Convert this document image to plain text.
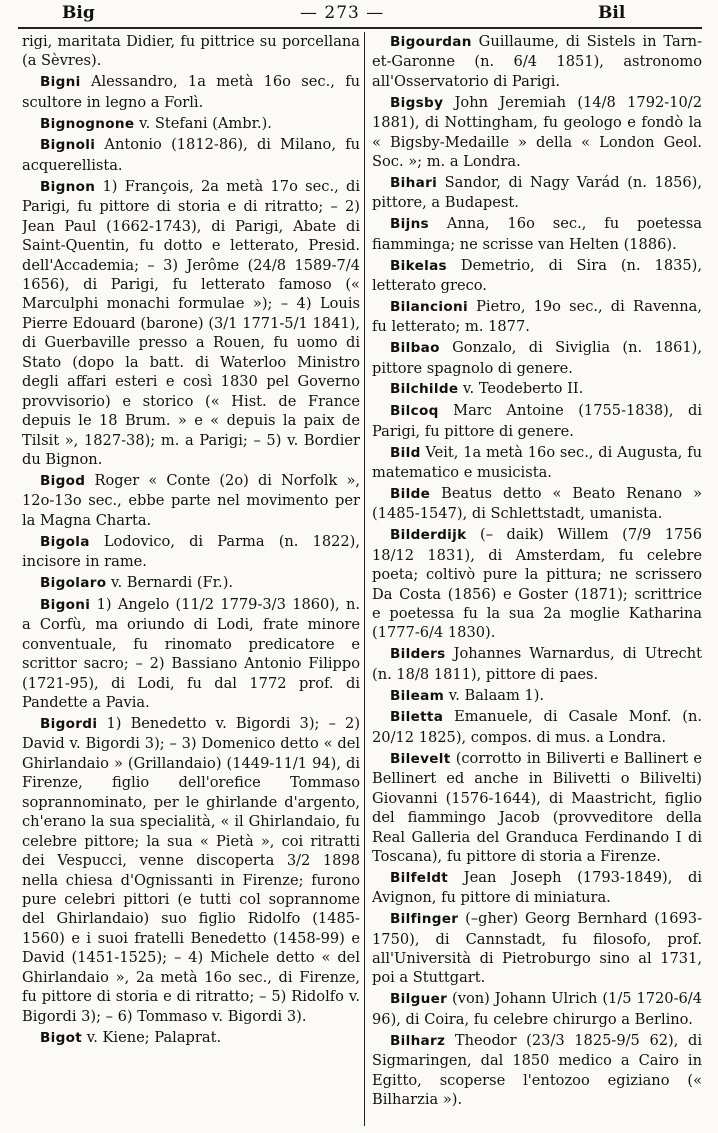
Big	— 273 —	Bil

rigi, maritata Didier, fu pittrice su porcellana (a Sèvres).

Bigni Alessandro, 1a metà 16o sec., fu scultore in legno a Forlì.

Bignognone v. Stefani (Ambr.).

Bignoli Antonio (1812-86), di Milano, fu acquerellista.

Bignon 1) François, 2a metà 17o sec., di Parigi, fu pittore di storia e di ritratto; – 2) Jean Paul (1662-1743), di Parigi, Abate di Saint-Quentin, fu dotto e letterato, Presid. dell'Accademia; – 3) Jerôme (24/8 1589-7/4 1656), di Parigi, fu letterato famoso (« Marculphi monachi formulae »); – 4) Louis Pierre Edouard (barone) (3/1 1771-5/1 1841), di Guerbaville presso a Rouen, fu uomo di Stato (dopo la batt. di Waterloo Ministro degli affari esteri e così 1830 pel Governo provvisorio) e storico (« Hist. de France depuis le 18 Brum. » e « depuis la paix de Tilsit », 1827-38); m. a Parigi; – 5) v. Bordier du Bignon.

Bigod Roger « Conte (2o) di Norfolk », 12o-13o sec., ebbe parte nel movimento per la Magna Charta.

Bigola Lodovico, di Parma (n. 1822), incisore in rame.

Bigolaro v. Bernardi (Fr.).

Bigoni 1) Angelo (11/2 1779-3/3 1860), n. a Corfù, ma oriundo di Lodi, frate minore conventuale, fu rinomato predicatore e scrittor sacro; – 2) Bassiano Antonio Filippo (1721-95), di Lodi, fu dal 1772 prof. di Pandette a Pavia.

Bigordi 1) Benedetto v. Bigordi 3); – 2) David v. Bigordi 3); – 3) Domenico detto « del Ghirlandaio » (Grillandaio) (1449-11/1 94), di Firenze, figlio dell'orefice Tommaso soprannominato, per le ghirlande d'argento, ch'erano la sua specialità, « il Ghirlandaio, fu celebre pittore; la sua « Pietà », coi ritratti dei Vespucci, venne discoperta 3/2 1898 nella chiesa d'Ognissanti in Firenze; furono pure celebri pittori (e tutti col soprannome del Ghirlandaio) suo figlio Ridolfo (1485-1560) e i suoi fratelli Benedetto (1458-99) e David (1451-1525); – 4) Michele detto « del Ghirlandaio », 2a metà 16o sec., di Firenze, fu pittore di storia e di ritratto; – 5) Ridolfo v. Bigordi 3); – 6) Tommaso v. Bigordi 3).

Bigot v. Kiene; Palaprat.

Bigourdan Guillaume, di Sistels in Tarn-et-Garonne (n. 6/4 1851), astronomo all'Osservatorio di Parigi.

Bigsby John Jeremiah (14/8 1792-10/2 1881), di Nottingham, fu geologo e fondò la « Bigsby-Medaille » della « London Geol. Soc. »; m. a Londra.

Bihari Sandor, di Nagy Varád (n. 1856), pittore, a Budapest.

Bijns Anna, 16o sec., fu poetessa fiamminga; ne scrisse van Helten (1886).

Bikelas Demetrio, di Sira (n. 1835), letterato greco.

Bilancioni Pietro, 19o sec., di Ravenna, fu letterato; m. 1877.

Bilbao Gonzalo, di Siviglia (n. 1861), pittore spagnolo di genere.

Bilchilde v. Teodeberto II.

Bilcoq Marc Antoine (1755-1838), di Parigi, fu pittore di genere.

Bild Veit, 1a metà 16o sec., di Augusta, fu matematico e musicista.

Bilde Beatus detto « Beato Renano » (1485-1547), di Schlettstadt, umanista.

Bilderdijk (– daik) Willem (7/9 1756 18/12 1831), di Amsterdam, fu celebre poeta; coltivò pure la pittura; ne scrissero Da Costa (1856) e Goster (1871); scrittrice e poetessa fu la sua 2a moglie Katharina (1777-6/4 1830).

Bilders Johannes Warnardus, di Utrecht (n. 18/8 1811), pittore di paes.

Bileam v. Balaam 1).

Biletta Emanuele, di Casale Monf. (n. 20/12 1825), compos. di mus. a Londra.

Bilevelt (corrotto in Biliverti e Ballinert e Bellinert ed anche in Bilivetti o Bilivelti) Giovanni (1576-1644), di Maastricht, figlio del fiammingo Jacob (provveditore della Real Galleria del Granduca Ferdinando I di Toscana), fu pittore di storia a Firenze.

Bilfeldt Jean Joseph (1793-1849), di Avignon, fu pittore di miniatura.

Bilfinger (–gher) Georg Bernhard (1693-1750), di Cannstadt, fu filosofo, prof. all'Università di Pietroburgo sino al 1731, poi a Stuttgart.

Bilguer (von) Johann Ulrich (1/5 1720-6/4 96), di Coira, fu celebre chirurgo a Berlino.

Bilharz Theodor (23/3 1825-9/5 62), di Sigmaringen, dal 1850 medico a Cairo in Egitto, scoperse l'entozoo egiziano (« Bilharzia »).
